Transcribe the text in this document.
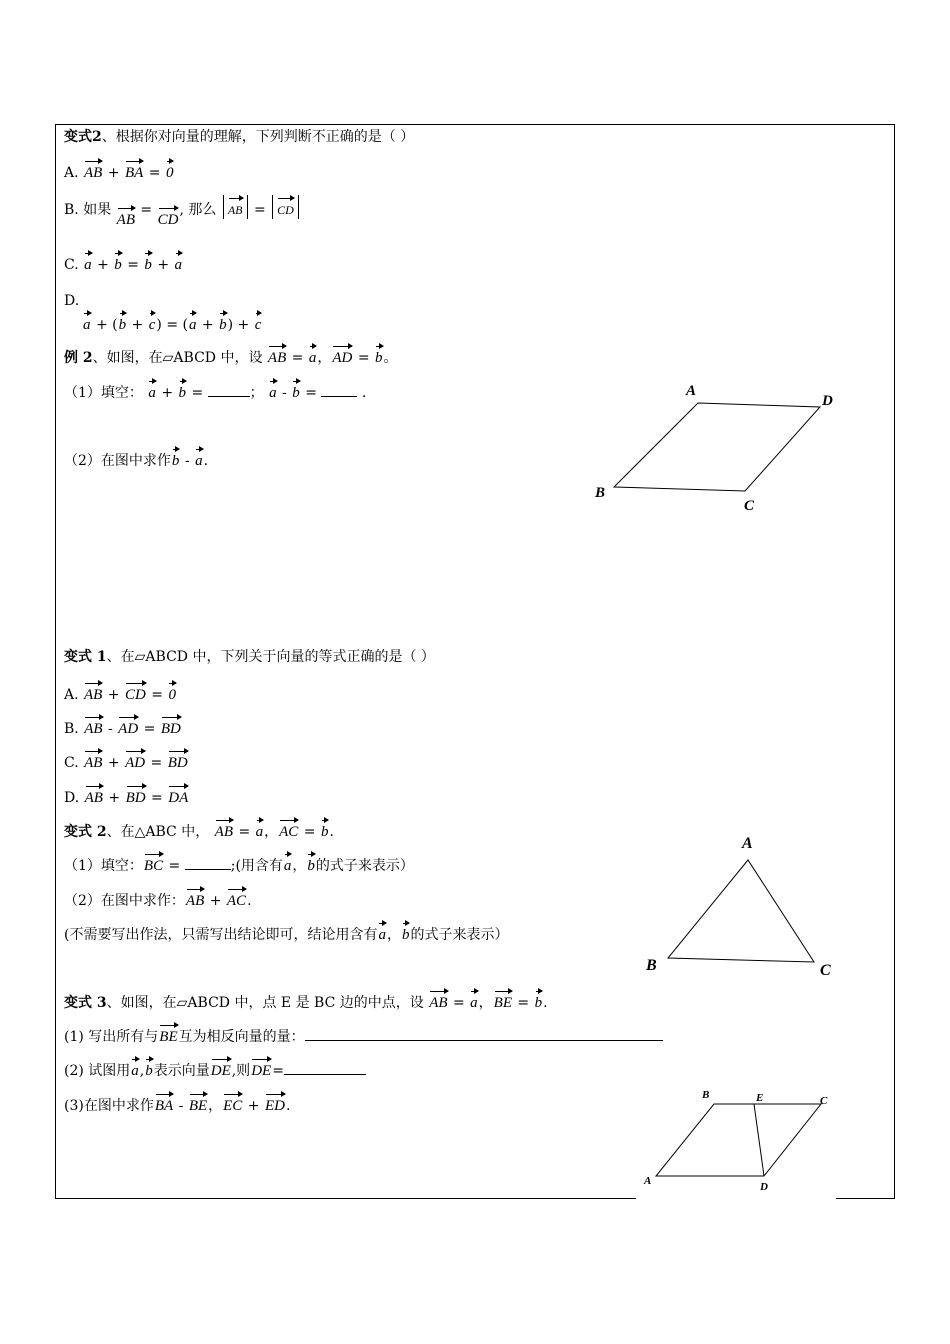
变式2、根据你对向量的理解，下列判断不正确的是（ ）
A. AB + BA = 0
B. 如果 AB = CD, 那么 AB = CD
C. a + b = b + a
D.
a + (b + c) = (a + b) + c
例 2、如图，在▱ABCD 中，设 AB = a，AD = b。
（1）填空： a + b =	； a - b =	.
（2）在图中求作b - a.
A
D
B
C
变式 1、在▱ABCD 中，下列关于向量的等式正确的是（ ）
A. AB + CD = 0
B. AB - AD = BD
C. AB + AD = BD
D. AB + BD = DA
变式 2、在△ABC 中， AB = a，AC = b.
（1）填空：BC =	;(用含有a，b的式子来表示）
（2）在图中求作：AB + AC.
(不需要写出作法，只需写出结论即可，结论用含有a，b的式子来表示）
A
B	C
变式 3、如图，在▱ABCD 中，点 E 是 BC 边的中点，设 AB = a，BE = b.
(1) 写出所有与BE互为相反向量的量：
(2) 试图用a,b表示向量DE,则DE=
(3)在图中求作BA - BE，EC + ED.
B	E	C
A	D
